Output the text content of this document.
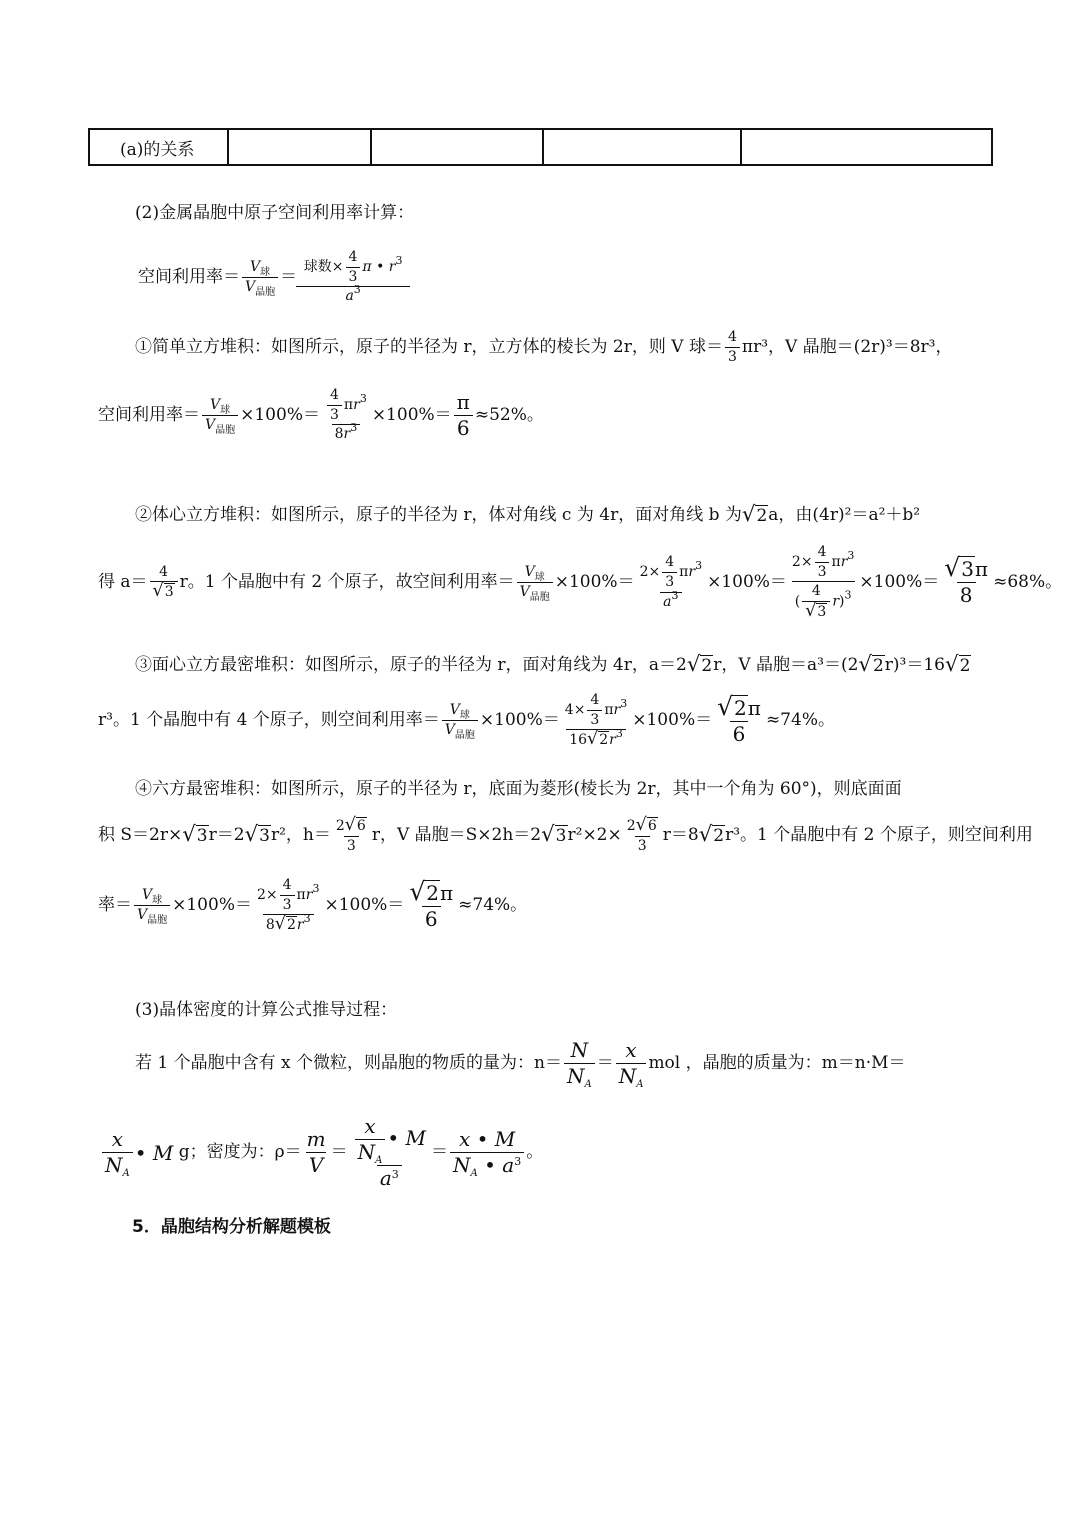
(a)的关系				
(2)金属晶胞中原子空间利用率计算：
空间利用率＝ $\frac{V_球}{V_{晶胞}} = \frac{球数\times \frac{4}{3} \pi • r^3}{a^3}$
①简单立方堆积：如图所示，原子的半径为 r，立方体的棱长为 2r，则 V 球＝ $\frac{4}{3} \pi r^3$，V 晶胞＝(2r)³＝8r³，
空间利用率＝ $\frac{V_球}{V_{晶胞}} \times 100\%= \frac{\frac{4}{3} \pi r^3}{8r^3} \times 100\%= \frac{\pi}{6} \approx 52\%$。
②体心立方堆积：如图所示，原子的半径为 r，体对角线 c 为 4r，面对角线 b 为 √2 a，由(4r)²＝a²＋b²
得 $a= \frac{4}{√3}$ r。1 个晶胞中有 2 个原子，故空间利用率＝ $\frac{V_球}{V_{晶胞}} \times 100\%= \frac{2\times \frac{4}{3} \pi r^3}{a^3} \times 100\%= \frac{2\times \frac{4}{3} \pi r^3}{( \frac{4}{√3} r)^3} \times 100\%= \frac{√3\pi}{8} \approx 68\%$。
③面心立方最密堆积：如图所示，原子的半径为 r，面对角线为 4r，a＝2 √2 r，V 晶胞＝a³＝(2 √2 r)³＝16 √2
r³。1 个晶胞中有 4 个原子，则空间利用率＝ $\frac{V_球}{V_{晶胞}} \times 100\%= \frac{4\times \frac{4}{3} \pi r^3}{16√2r^3} \times 100\%= \frac{√2\pi}{6} \approx 74\%$。
④六方最密堆积：如图所示，原子的半径为 r，底面为菱形(棱长为 2r，其中一个角为 60°)，则底面面
积 S＝2r× √3 r＝2 √3 r²，$h= \frac{2√6}{3}$ r，V 晶胞＝S×2h＝2 √3 $r^2\times 2\times \frac{2√6}{3} r=8$ √2 r³。1 个晶胞中有 2 个原子，则空间利用
率＝ $\frac{V_球}{V_{晶胞}} \times 100\%= \frac{2\times \frac{4}{3} \pi r^3}{8√2r^3} \times 100\%= \frac{√2\pi}{6} \approx 74\%$。
(3)晶体密度的计算公式推导过程：
若 1 个晶胞中含有 x 个微粒，则晶胞的物质的量为：$n= \frac{N}{N_A} = \frac{x}{N_A}$ mol ，晶胞的质量为：m＝n·M＝
$\frac{x}{N_A}$ • M
g；密度为：$\rho= \frac{m}{V} = \frac{\frac{x}{N_A} • M}{a^3} = \frac{x • M}{N_A • a^3}$ 。
5．晶胞结构分析解题模板
